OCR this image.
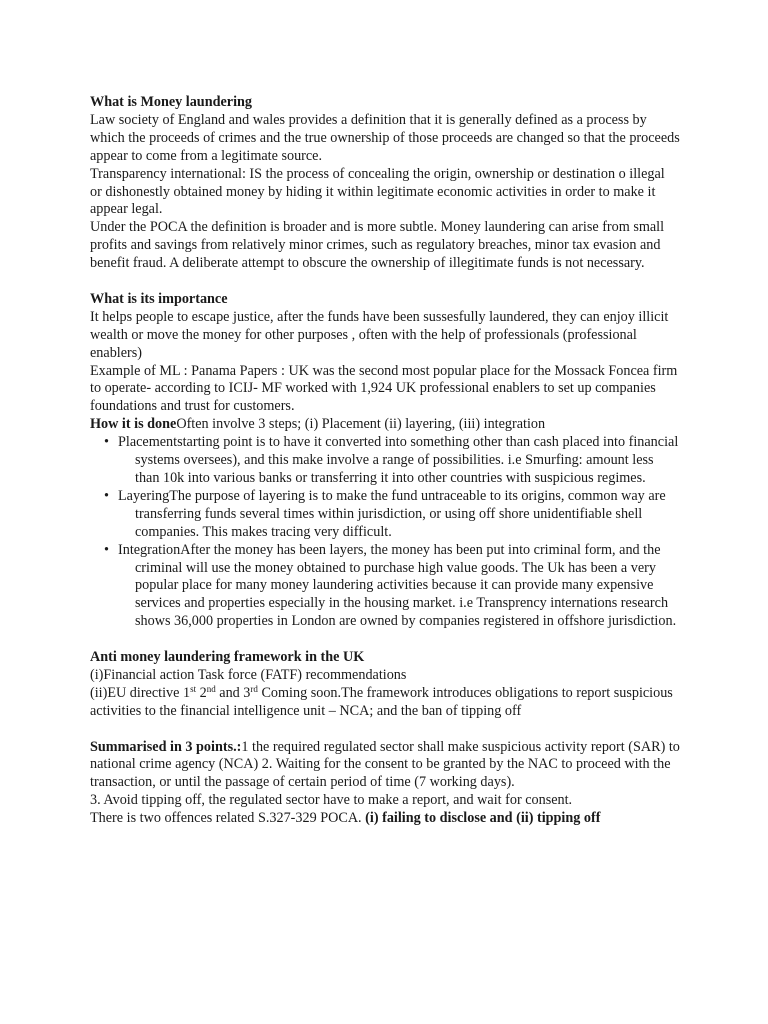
What is Money laundering

Law society of England and wales provides a definition that it is generally defined as a process by which the proceeds of crimes and the true ownership of those proceeds are changed so that the proceeds appear to come from a legitimate source.

Transparency international: IS the process of concealing the origin, ownership or destination o illegal or dishonestly obtained money by hiding it within legitimate economic activities in order to make it appear legal.

Under the POCA the definition is broader and is more subtle. Money laundering can arise from small profits and savings from relatively minor crimes, such as regulatory breaches, minor tax evasion and benefit fraud. A deliberate attempt to obscure the ownership of illegitimate funds is not necessary.

What is its importance

It helps people to escape justice, after the funds have been sussesfully laundered, they can enjoy illicit wealth or move the money for other purposes , often with the help of professionals (professional enablers)

Example of ML : Panama Papers : UK was the second most popular place for the Mossack Foncea firm to operate- according to ICIJ- MF worked with 1,924 UK professional enablers to set up companies foundations and trust for customers.

How it is doneOften involve 3 steps; (i) Placement (ii) layering, (iii) integration

• Placementstarting point is to have it converted into something other than cash placed into financial systems oversees), and this make involve a range of possibilities. i.e Smurfing: amount less than 10k into various banks or transferring it into other countries with suspicious regimes.
• LayeringThe purpose of layering is to make the fund untraceable to its origins, common way are transferring funds several times within jurisdiction, or using off shore unidentifiable shell companies. This makes tracing very difficult.
• IntegrationAfter the money has been layers, the money has been put into criminal form, and the criminal will use the money obtained to purchase high value goods. The Uk has been a very popular place for many money laundering activities because it can provide many expensive services and properties especially in the housing market. i.e Transprency internations research shows 36,000 properties in London are owned by companies registered in offshore jurisdiction.

Anti money laundering framework in the UK

(i)Financial action Task force (FATF) recommendations

(ii)EU directive 1st 2nd and 3rd Coming soon.The framework introduces obligations to report suspicious activities to the financial intelligence unit – NCA; and the ban of tipping off

Summarised in 3 points.:1 the required regulated sector shall make suspicious activity report (SAR) to national crime agency (NCA) 2. Waiting for the consent to be granted by the NAC to proceed with the transaction, or until the passage of certain period of time (7 working days).

3. Avoid tipping off, the regulated sector have to make a report, and wait for consent.

There is two offences related S.327-329 POCA. (i) failing to disclose and (ii) tipping off
